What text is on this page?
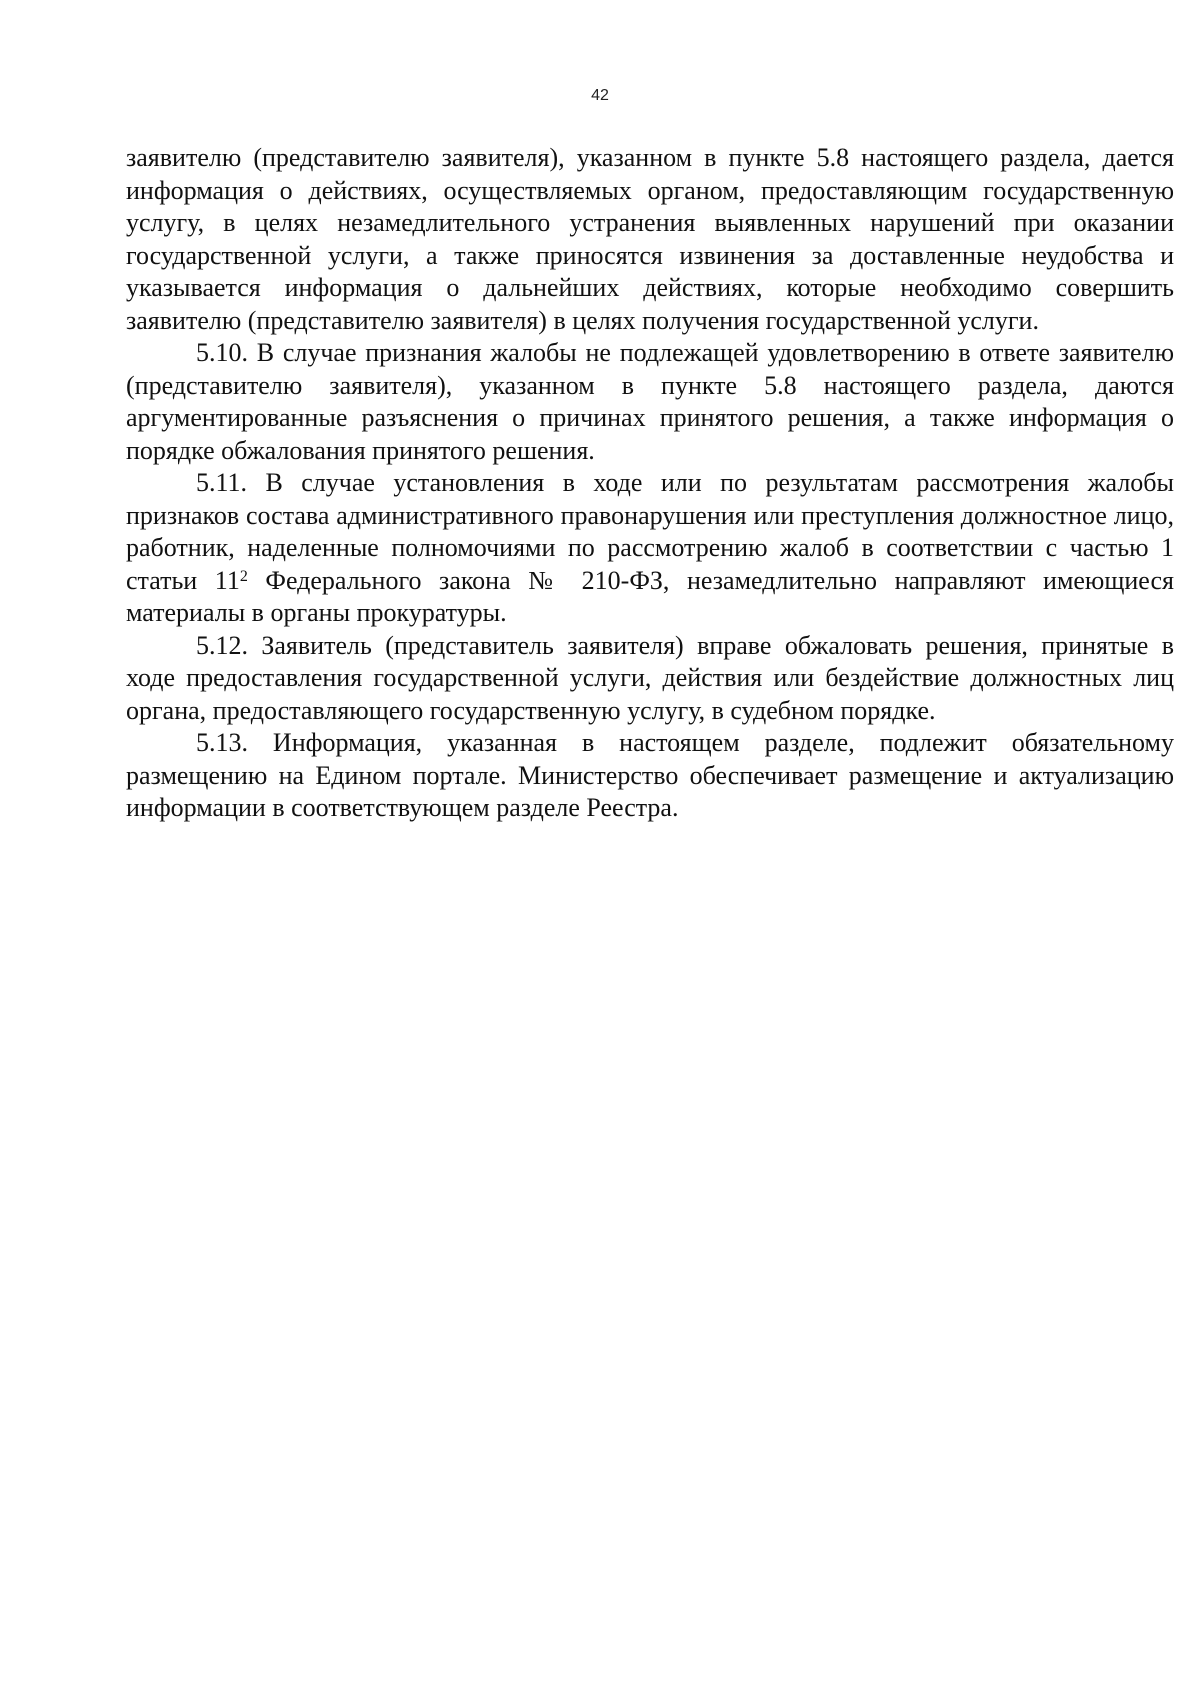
42

заявителю (представителю заявителя), указанном в пункте 5.8 настоящего раздела, дается информация о действиях, осуществляемых органом, предоставляющим государственную услугу, в целях незамедлительного устранения выявленных нарушений при оказании государственной услуги, а также приносятся извинения за доставленные неудобства и указывается информация о дальнейших действиях, которые необходимо совершить заявителю (представителю заявителя) в целях получения государственной услуги.

5.10. В случае признания жалобы не подлежащей удовлетворению в ответе заявителю (представителю заявителя), указанном в пункте 5.8 настоящего раздела, даются аргументированные разъяснения о причинах принятого решения, а также информация о порядке обжалования принятого решения.

5.11. В случае установления в ходе или по результатам рассмотрения жалобы признаков состава административного правонарушения или преступления должностное лицо, работник, наделенные полномочиями по рассмотрению жалоб в соответствии с частью 1 статьи $11^2$ Федерального закона № 210-ФЗ, незамедлительно направляют имеющиеся материалы в органы прокуратуры.

5.12. Заявитель (представитель заявителя) вправе обжаловать решения, принятые в ходе предоставления государственной услуги, действия или бездействие должностных лиц органа, предоставляющего государственную услугу, в судебном порядке.

5.13. Информация, указанная в настоящем разделе, подлежит обязательному размещению на Едином портале. Министерство обеспечивает размещение и актуализацию информации в соответствующем разделе Реестра.
